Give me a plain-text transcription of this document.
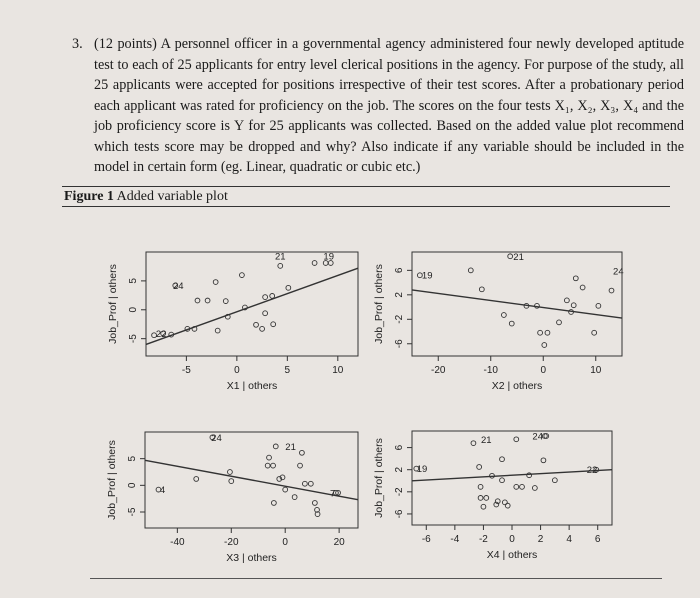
3. (12 points) A personnel officer in a governmental agency administered four newly developed aptitude test to each of 25 applicants for entry level clerical positions in the agency. For purpose of the study, all 25 applicants were accepted for positions irrespective of their test scores. After a probationary period each applicant was rated for proficiency on the job. The scores on the four tests X₁, X₂, X₃, X₄ and the job proficiency score is Y for 25 applicants was collected. Based on the added value plot recommend which tests score may be dropped and why? Also indicate if any variable should be included in the model in certain form (eg. Linear, quadratic or cubic etc.)
Figure 1 Added variable plot
-5	0	5	10
-5
0
5
X1 | others
Job_Prof | others	22
24
21	19
-20	-10	0	10
-6
-2
2
6
X2 | others
Job_Prof | others	19
21
24
-40	-20	0	20
-5
0
5
X3 | others
Job_Prof | others	4
24
21
7
-6 -4 -2 0 2 4 6
-6
-2
2
6
X4 | others
Job_Prof | others	19
21	24
22
